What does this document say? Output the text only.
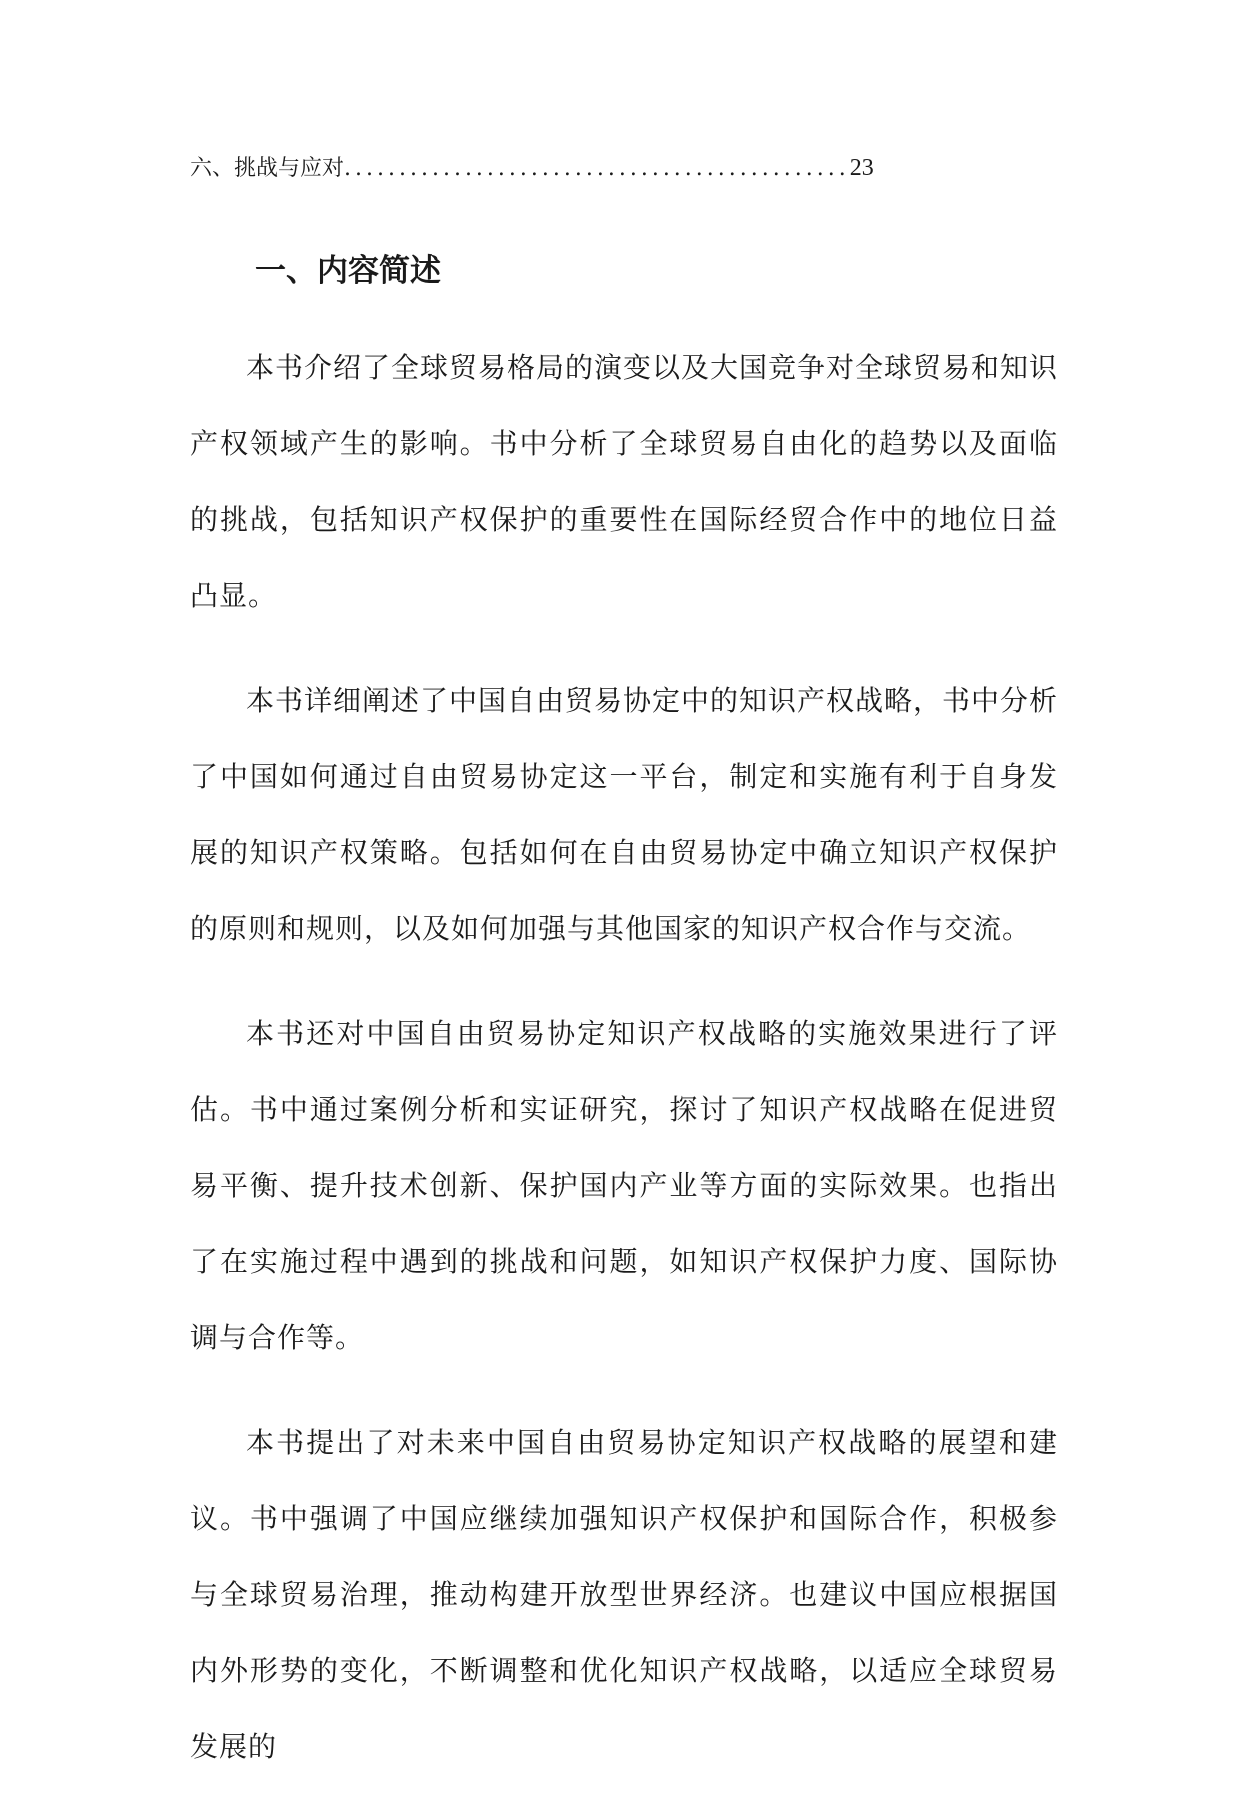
六、挑战与应对..............................................23
一、内容简述

本书介绍了全球贸易格局的演变以及大国竞争对全球贸易和知识产权领域产生的影响。书中分析了全球贸易自由化的趋势以及面临的挑战，包括知识产权保护的重要性在国际经贸合作中的地位日益凸显。

本书详细阐述了中国自由贸易协定中的知识产权战略，书中分析了中国如何通过自由贸易协定这一平台，制定和实施有利于自身发展的知识产权策略。包括如何在自由贸易协定中确立知识产权保护的原则和规则，以及如何加强与其他国家的知识产权合作与交流。

本书还对中国自由贸易协定知识产权战略的实施效果进行了评估。书中通过案例分析和实证研究，探讨了知识产权战略在促进贸易平衡、提升技术创新、保护国内产业等方面的实际效果。也指出了在实施过程中遇到的挑战和问题，如知识产权保护力度、国际协调与合作等。

本书提出了对未来中国自由贸易协定知识产权战略的展望和建议。书中强调了中国应继续加强知识产权保护和国际合作，积极参与全球贸易治理，推动构建开放型世界经济。也建议中国应根据国内外形势的变化，不断调整和优化知识产权战略，以适应全球贸易发展的
